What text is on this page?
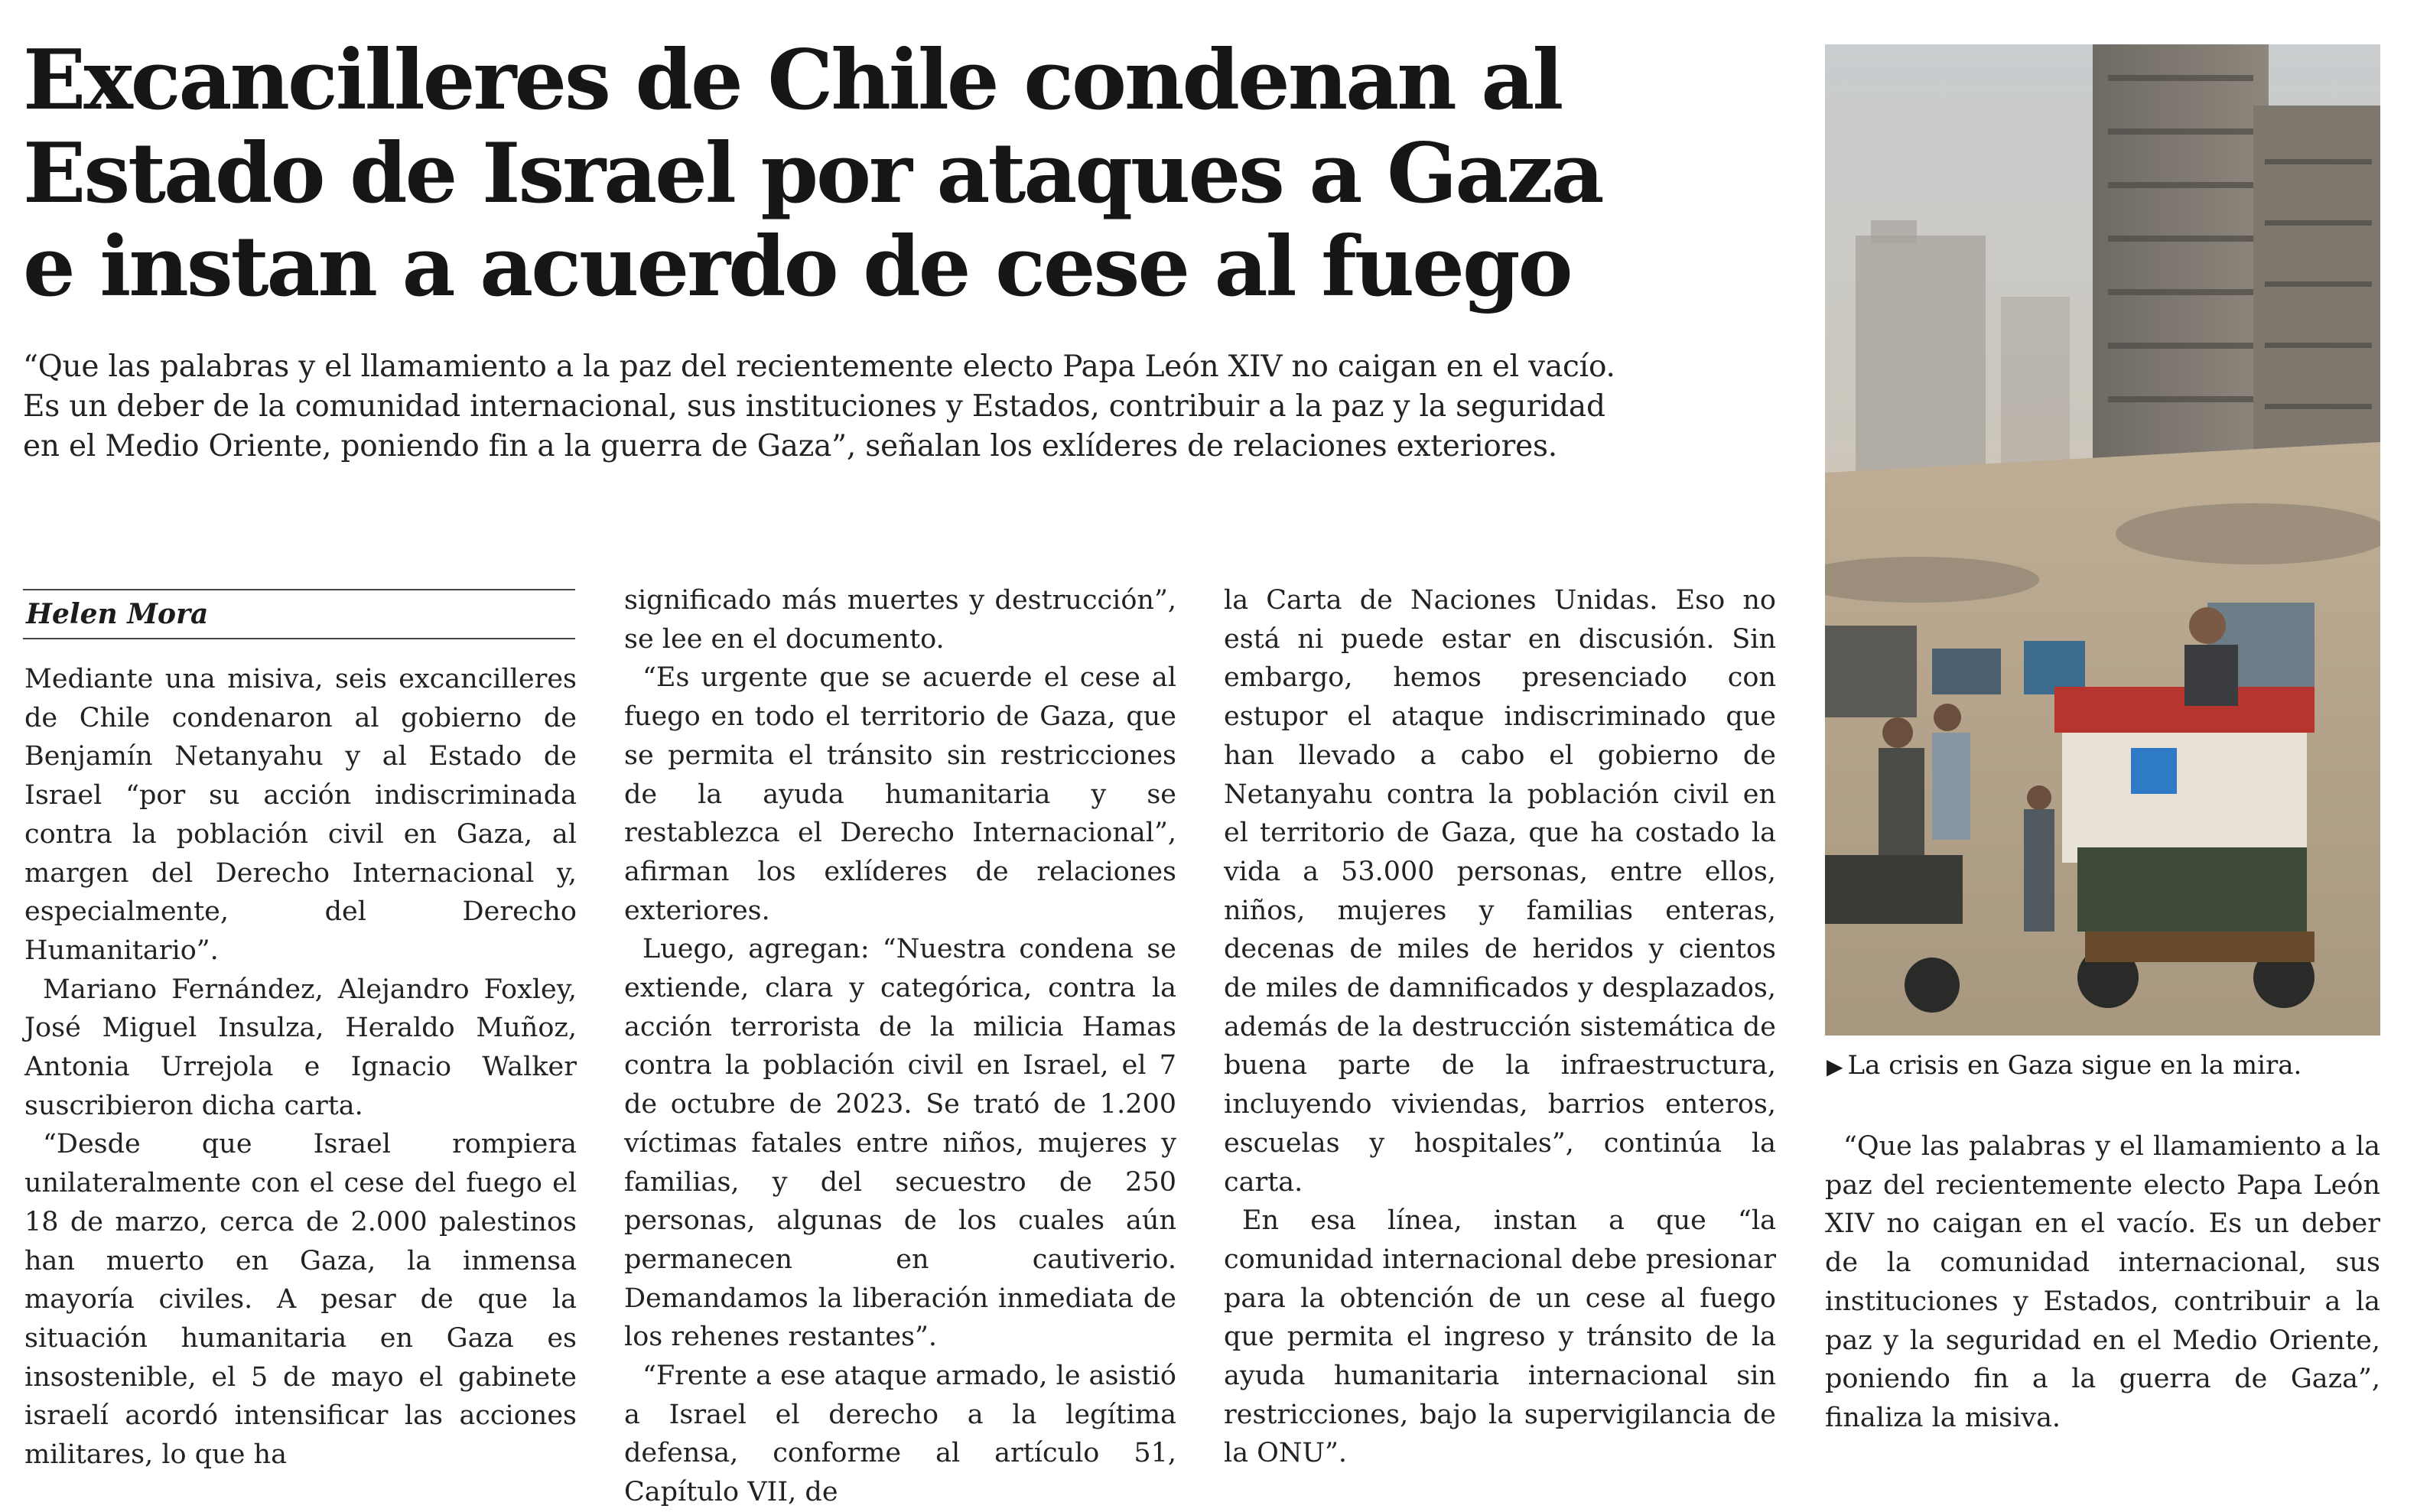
Excancilleres de Chile condenan al
Estado de Israel por ataques a Gaza
e instan a acuerdo de cese al fuego
“Que las palabras y el llamamiento a la paz del recientemente electo Papa León XIV no caigan en el vacío.
Es un deber de la comunidad internacional, sus instituciones y Estados, contribuir a la paz y la seguridad
en el Medio Oriente, poniendo fin a la guerra de Gaza”, señalan los exlíderes de relaciones exteriores.

Helen Mora

Mediante una misiva, seis excancilleres de Chile condenaron al gobierno de Benjamín Netanyahu y al Estado de Israel “por su acción indiscriminada contra la población civil en Gaza, al margen del Derecho Internacional y, especialmente, del Derecho Humanitario”.

Mariano Fernández, Alejandro Foxley, José Miguel Insulza, Heraldo Muñoz, Antonia Urrejola e Ignacio Walker suscribieron dicha carta.

“Desde que Israel rompiera unilateralmente con el cese del fuego el 18 de marzo, cerca de 2.000 palestinos han muerto en Gaza, la inmensa mayoría civiles. A pesar de que la situación humanitaria en Gaza es insostenible, el 5 de mayo el gabinete israelí acordó intensificar las acciones militares, lo que ha

significado más muertes y destrucción”, se lee en el documento.

“Es urgente que se acuerde el cese al fuego en todo el territorio de Gaza, que se permita el tránsito sin restricciones de la ayuda humanitaria y se restablezca el Derecho Internacional”, afirman los exlíderes de relaciones exteriores.

Luego, agregan: “Nuestra condena se extiende, clara y categórica, contra la acción terrorista de la milicia Hamas contra la población civil en Israel, el 7 de octubre de 2023. Se trató de 1.200 víctimas fatales entre niños, mujeres y familias, y del secuestro de 250 personas, algunas de los cuales aún permanecen en cautiverio. Demandamos la liberación inmediata de los rehenes restantes”.

“Frente a ese ataque armado, le asistió a Israel el derecho a la legítima defensa, conforme al artículo 51, Capítulo VII, de

la Carta de Naciones Unidas. Eso no está ni puede estar en discusión. Sin embargo, hemos presenciado con estupor el ataque indiscriminado que han llevado a cabo el gobierno de Netanyahu contra la población civil en el territorio de Gaza, que ha costado la vida a 53.000 personas, entre ellos, niños, mujeres y familias enteras, decenas de miles de heridos y cientos de miles de damnificados y desplazados, además de la destrucción sistemática de buena parte de la infraestructura, incluyendo viviendas, barrios enteros, escuelas y hospitales”, continúa la carta.

En esa línea, instan a que “la comunidad internacional debe presionar para la obtención de un cese al fuego que permita el ingreso y tránsito de la ayuda humanitaria internacional sin restricciones, bajo la supervigilancia de la ONU”.

▶ La crisis en Gaza sigue en la mira.

“Que las palabras y el llamamiento a la paz del recientemente electo Papa León XIV no caigan en el vacío. Es un deber de la comunidad internacional, sus instituciones y Estados, contribuir a la paz y la seguridad en el Medio Oriente, poniendo fin a la guerra de Gaza”, finaliza la misiva.
